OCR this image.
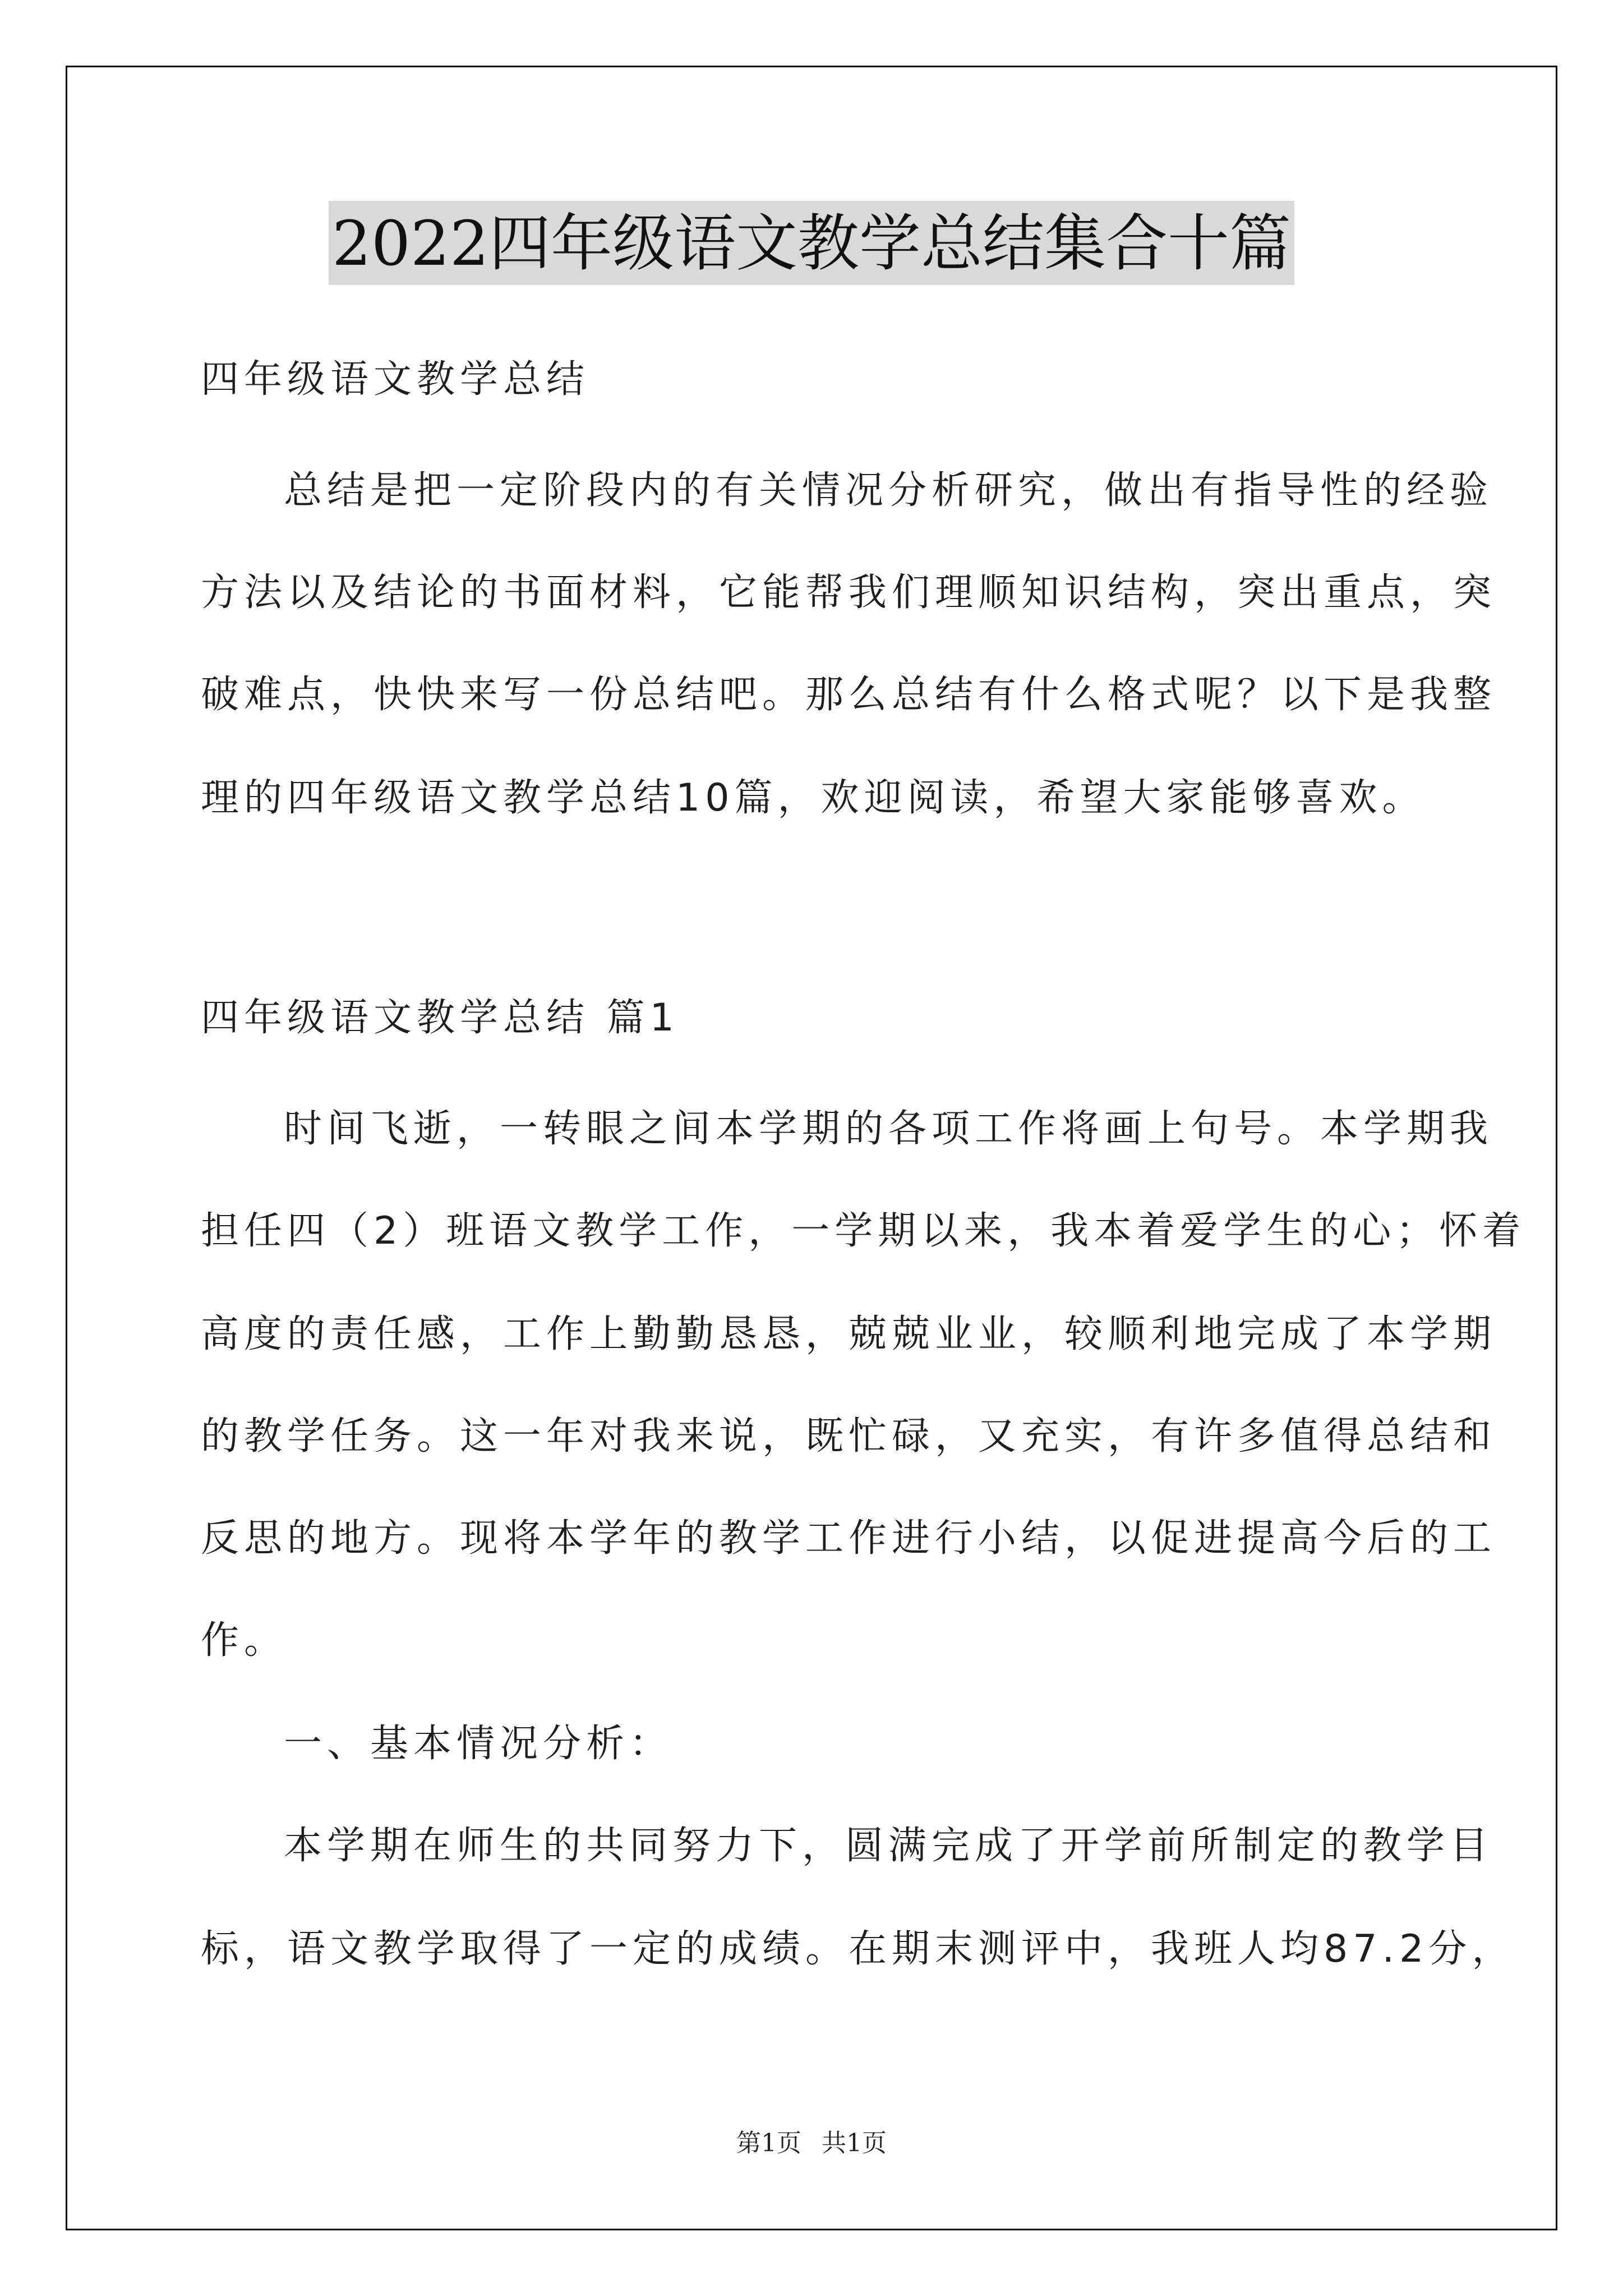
2022四年级语文教学总结集合十篇
四年级语文教学总结
总结是把一定阶段内的有关情况分析研究，做出有指导性的经验
方法以及结论的书面材料，它能帮我们理顺知识结构，突出重点，突
破难点，快快来写一份总结吧。那么总结有什么格式呢？以下是我整
理的四年级语文教学总结10篇，欢迎阅读，希望大家能够喜欢。
四年级语文教学总结 篇1
时间飞逝，一转眼之间本学期的各项工作将画上句号。本学期我
担任四（2）班语文教学工作，一学期以来，我本着爱学生的心；怀着
高度的责任感，工作上勤勤恳恳，兢兢业业，较顺利地完成了本学期
的教学任务。这一年对我来说，既忙碌，又充实，有许多值得总结和
反思的地方。现将本学年的教学工作进行小结，以促进提高今后的工
作。
一、基本情况分析：
本学期在师生的共同努力下，圆满完成了开学前所制定的教学目
标，语文教学取得了一定的成绩。在期末测评中，我班人均87.2分，
第1页 共1页
